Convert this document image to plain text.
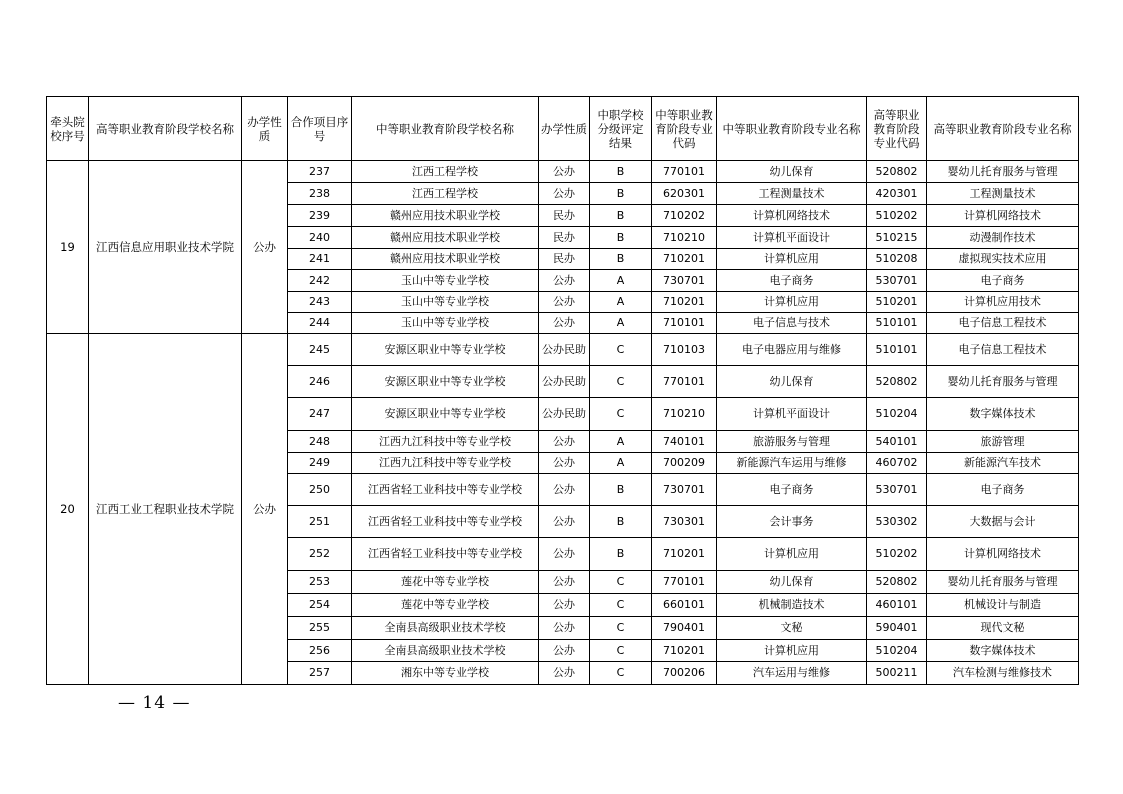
牵头院校序号	高等职业教育阶段学校名称	办学性质	合作项目序号	中等职业教育阶段学校名称	办学性质	中职学校分级评定结果	中等职业教育阶段专业代码	中等职业教育阶段专业名称	高等职业教育阶段专业代码	高等职业教育阶段专业名称
19	江西信息应用职业技术学院	公办	237	江西工程学校	公办	B	770101	幼儿保育	520802	婴幼儿托育服务与管理
			238	江西工程学校	公办	B	620301	工程测量技术	420301	工程测量技术
			239	赣州应用技术职业学校	民办	B	710202	计算机网络技术	510202	计算机网络技术
			240	赣州应用技术职业学校	民办	B	710210	计算机平面设计	510215	动漫制作技术
			241	赣州应用技术职业学校	民办	B	710201	计算机应用	510208	虚拟现实技术应用
			242	玉山中等专业学校	公办	A	730701	电子商务	530701	电子商务
			243	玉山中等专业学校	公办	A	710201	计算机应用	510201	计算机应用技术
			244	玉山中等专业学校	公办	A	710101	电子信息与技术	510101	电子信息工程技术
20	江西工业工程职业技术学院	公办	245	安源区职业中等专业学校	公办民助	C	710103	电子电器应用与维修	510101	电子信息工程技术
			246	安源区职业中等专业学校	公办民助	C	770101	幼儿保育	520802	婴幼儿托育服务与管理
			247	安源区职业中等专业学校	公办民助	C	710210	计算机平面设计	510204	数字媒体技术
			248	江西九江科技中等专业学校	公办	A	740101	旅游服务与管理	540101	旅游管理
			249	江西九江科技中等专业学校	公办	A	700209	新能源汽车运用与维修	460702	新能源汽车技术
			250	江西省轻工业科技中等专业学校	公办	B	730701	电子商务	530701	电子商务
			251	江西省轻工业科技中等专业学校	公办	B	730301	会计事务	530302	大数据与会计
			252	江西省轻工业科技中等专业学校	公办	B	710201	计算机应用	510202	计算机网络技术
			253	莲花中等专业学校	公办	C	770101	幼儿保育	520802	婴幼儿托育服务与管理
			254	莲花中等专业学校	公办	C	660101	机械制造技术	460101	机械设计与制造
			255	全南县高级职业技术学校	公办	C	790401	文秘	590401	现代文秘
			256	全南县高级职业技术学校	公办	C	710201	计算机应用	510204	数字媒体技术
			257	湘东中等专业学校	公办	C	700206	汽车运用与维修	500211	汽车检测与维修技术
— 14 —
